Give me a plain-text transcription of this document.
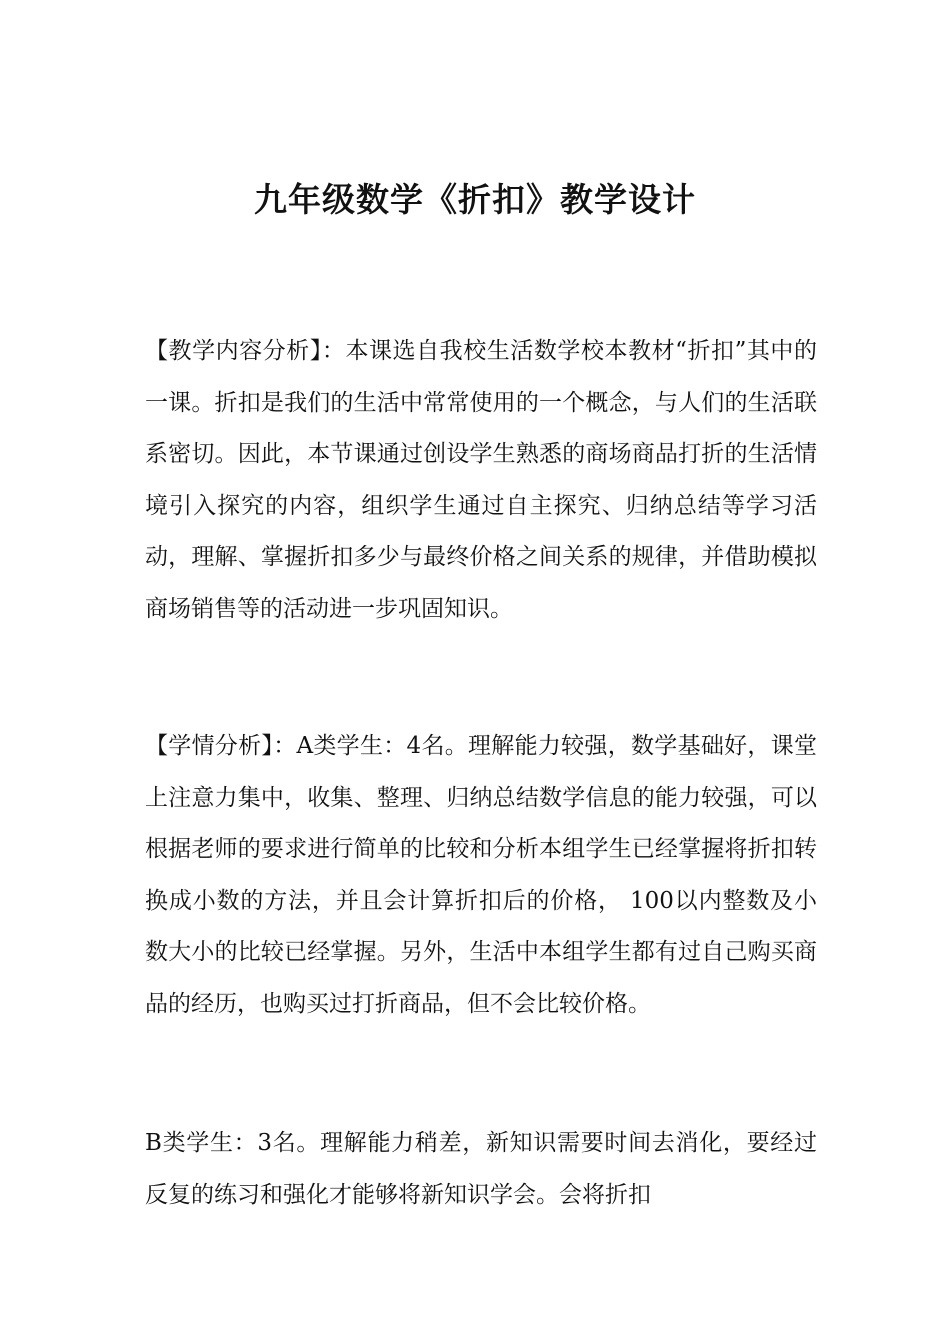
九年级数学《折扣》教学设计

【教学内容分析】：本课选自我校生活数学校本教材“折扣”其中的一课。折扣是我们的生活中常常使用的一个概念，与人们的生活联系密切。因此，本节课通过创设学生熟悉的商场商品打折的生活情境引入探究的内容，组织学生通过自主探究、归纳总结等学习活动，理解、掌握折扣多少与最终价格之间关系的规律，并借助模拟商场销售等的活动进一步巩固知识。

【学情分析】：A类学生：4名。理解能力较强，数学基础好，课堂上注意力集中，收集、整理、归纳总结数学信息的能力较强，可以根据老师的要求进行简单的比较和分析本组学生已经掌握将折扣转换成小数的方法，并且会计算折扣后的价格， 100以内整数及小数大小的比较已经掌握。另外，生活中本组学生都有过自己购买商品的经历，也购买过打折商品，但不会比较价格。

B类学生：3名。理解能力稍差，新知识需要时间去消化，要经过反复的练习和强化才能够将新知识学会。会将折扣
